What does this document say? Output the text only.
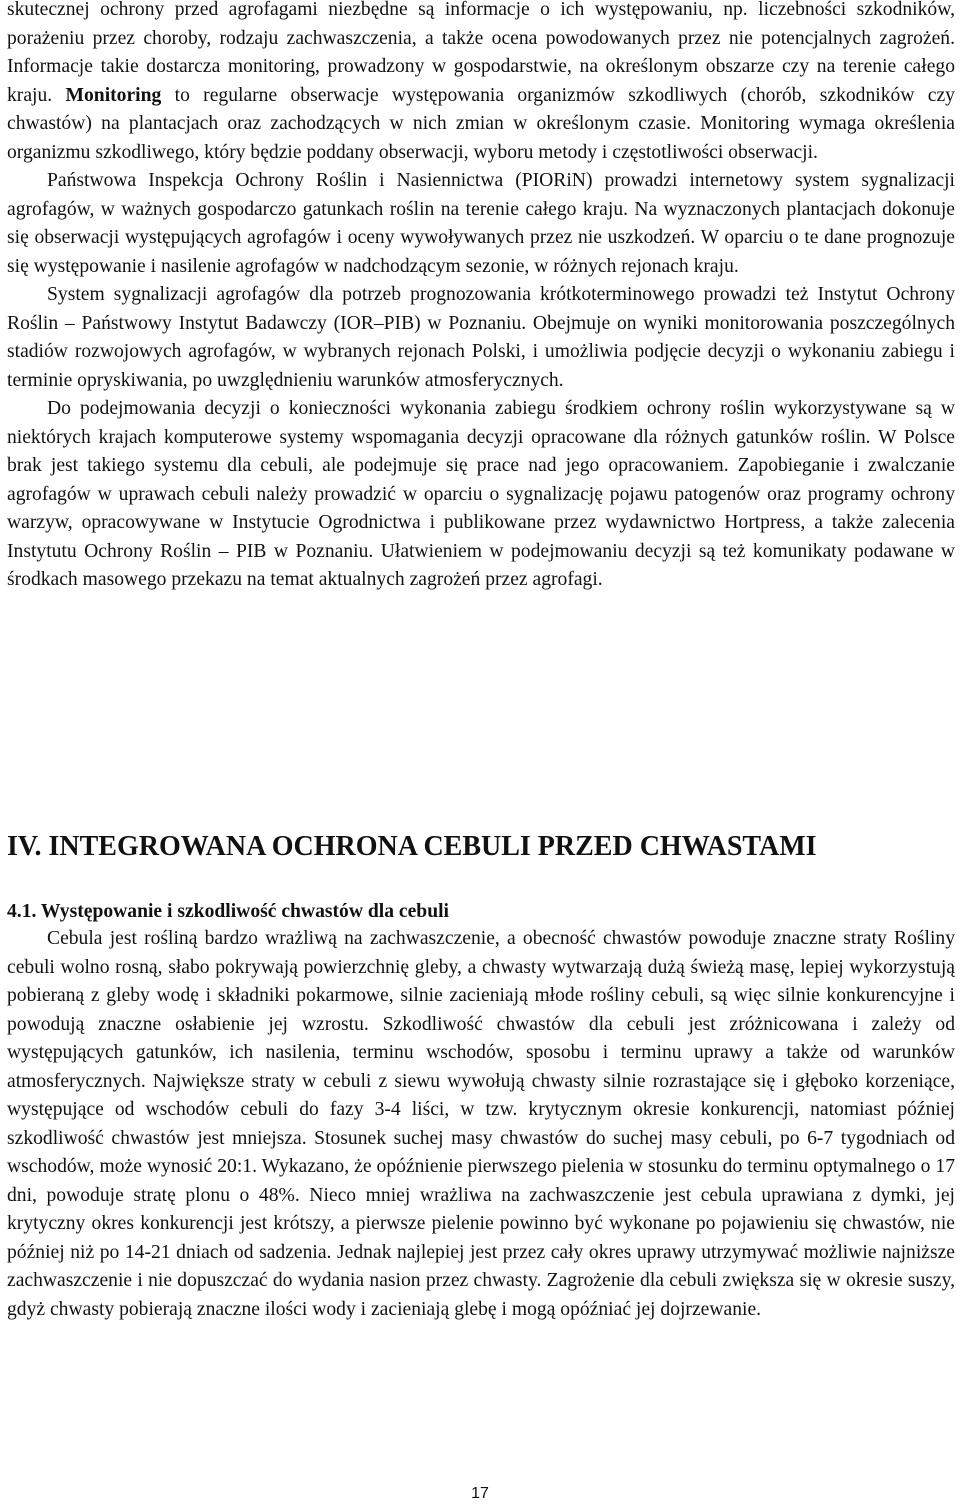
skutecznej ochrony przed agrofagami niezbędne są informacje o ich występowaniu, np. liczebności szkodników, porażeniu przez choroby, rodzaju zachwaszczenia, a także ocena powodowanych przez nie potencjalnych zagrożeń. Informacje takie dostarcza monitoring, prowadzony w gospodarstwie, na określonym obszarze czy na terenie całego kraju. Monitoring to regularne obserwacje występowania organizmów szkodliwych (chorób, szkodników czy chwastów) na plantacjach oraz zachodzących w nich zmian w określonym czasie. Monitoring wymaga określenia organizmu szkodliwego, który będzie poddany obserwacji, wyboru metody i częstotliwości obserwacji.

Państwowa Inspekcja Ochrony Roślin i Nasiennictwa (PIORiN) prowadzi internetowy system sygnalizacji agrofagów, w ważnych gospodarczo gatunkach roślin na terenie całego kraju. Na wyznaczonych plantacjach dokonuje się obserwacji występujących agrofagów i oceny wywoływanych przez nie uszkodzeń. W oparciu o te dane prognozuje się występowanie i nasilenie agrofagów w nadchodzącym sezonie, w różnych rejonach kraju.

System sygnalizacji agrofagów dla potrzeb prognozowania krótkoterminowego prowadzi też Instytut Ochrony Roślin – Państwowy Instytut Badawczy (IOR–PIB) w Poznaniu. Obejmuje on wyniki monitorowania poszczególnych stadiów rozwojowych agrofagów, w wybranych rejonach Polski, i umożliwia podjęcie decyzji o wykonaniu zabiegu i terminie opryskiwania, po uwzględnieniu warunków atmosferycznych.

Do podejmowania decyzji o konieczności wykonania zabiegu środkiem ochrony roślin wykorzystywane są w niektórych krajach komputerowe systemy wspomagania decyzji opracowane dla różnych gatunków roślin. W Polsce brak jest takiego systemu dla cebuli, ale podejmuje się prace nad jego opracowaniem. Zapobieganie i zwalczanie agrofagów w uprawach cebuli należy prowadzić w oparciu o sygnalizację pojawu patogenów oraz programy ochrony warzyw, opracowywane w Instytucie Ogrodnictwa i publikowane przez wydawnictwo Hortpress, a także zalecenia Instytutu Ochrony Roślin – PIB w Poznaniu. Ułatwieniem w podejmowaniu decyzji są też komunikaty podawane w środkach masowego przekazu na temat aktualnych zagrożeń przez agrofagi.

IV. INTEGROWANA OCHRONA CEBULI PRZED CHWASTAMI
4.1. Występowanie i szkodliwość chwastów dla cebuli

Cebula jest rośliną bardzo wrażliwą na zachwaszczenie, a obecność chwastów powoduje znaczne straty Rośliny cebuli wolno rosną, słabo pokrywają powierzchnię gleby, a chwasty wytwarzają dużą świeżą masę, lepiej wykorzystują pobieraną z gleby wodę i składniki pokarmowe, silnie zacieniają młode rośliny cebuli, są więc silnie konkurencyjne i powodują znaczne osłabienie jej wzrostu. Szkodliwość chwastów dla cebuli jest zróżnicowana i zależy od występujących gatunków, ich nasilenia, terminu wschodów, sposobu i terminu uprawy a także od warunków atmosferycznych. Największe straty w cebuli z siewu wywołują chwasty silnie rozrastające się i głęboko korzeniące, występujące od wschodów cebuli do fazy 3-4 liści, w tzw. krytycznym okresie konkurencji, natomiast później szkodliwość chwastów jest mniejsza. Stosunek suchej masy chwastów do suchej masy cebuli, po 6-7 tygodniach od wschodów, może wynosić 20:1. Wykazano, że opóźnienie pierwszego pielenia w stosunku do terminu optymalnego o 17 dni, powoduje stratę plonu o 48%. Nieco mniej wrażliwa na zachwaszczenie jest cebula uprawiana z dymki, jej krytyczny okres konkurencji jest krótszy, a pierwsze pielenie powinno być wykonane po pojawieniu się chwastów, nie później niż po 14-21 dniach od sadzenia. Jednak najlepiej jest przez cały okres uprawy utrzymywać możliwie najniższe zachwaszczenie i nie dopuszczać do wydania nasion przez chwasty. Zagrożenie dla cebuli zwiększa się w okresie suszy, gdyż chwasty pobierają znaczne ilości wody i zacieniają glebę i mogą opóźniać jej dojrzewanie.

17
